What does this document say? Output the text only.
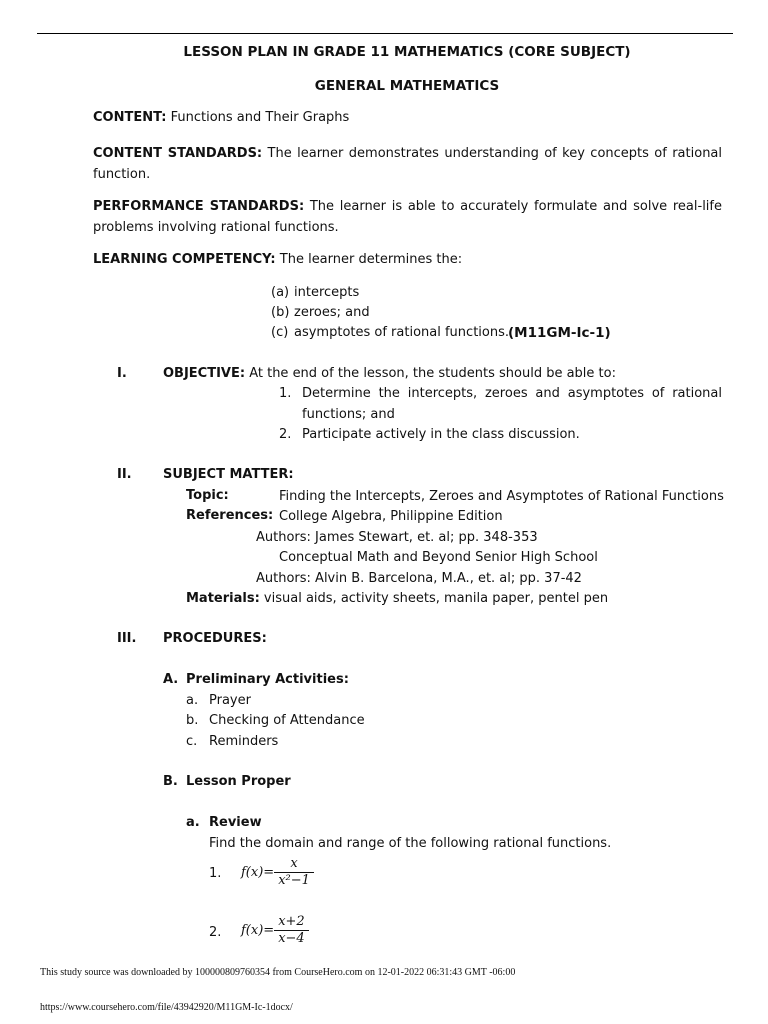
LESSON PLAN IN GRADE 11 MATHEMATICS (CORE SUBJECT)
GENERAL MATHEMATICS
CONTENT: Functions and Their Graphs
CONTENT STANDARDS: The learner demonstrates understanding of key concepts of rational function.
PERFORMANCE STANDARDS: The learner is able to accurately formulate and solve real-life problems involving rational functions.
LEARNING COMPETENCY: The learner determines the:
(a) intercepts
(b) zeroes; and
(c) asymptotes of rational functions. (M11GM-Ic-1)
I.	OBJECTIVE: At the end of the lesson, the students should be able to:
1. Determine the intercepts, zeroes and asymptotes of rational
functions; and
2. Participate actively in the class discussion.
II. SUBJECT MATTER:
Topic:	Finding the Intercepts, Zeroes and Asymptotes of Rational Functions
References: College Algebra, Philippine Edition
Authors: James Stewart, et. al; pp. 348-353
Conceptual Math and Beyond Senior High School
Authors: Alvin B. Barcelona, M.A., et. al; pp. 37-42
Materials: visual aids, activity sheets, manila paper, pentel pen
III. PROCEDURES:
A. Preliminary Activities:
a. Prayer
b. Checking of Attendance
c. Reminders
B. Lesson Proper
a. Review
Find the domain and range of the following rational functions.
1. $f(x)= \frac{x}{\text{x²−1}}$
2. $f(x)= \frac{x+2}{x-4}$
This study source was downloaded by 100000809760354 from CourseHero.com on 12-01-2022 06:31:43 GMT -06:00
https://www.coursehero.com/file/43942920/M11GM-Ic-1docx/
